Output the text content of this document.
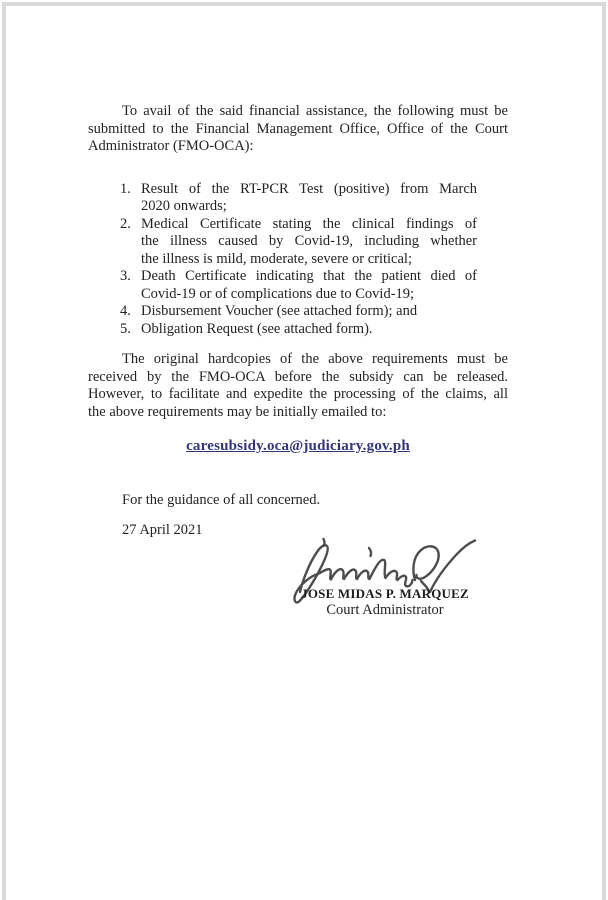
To avail of the said financial assistance, the following must be
submitted to the Financial Management Office, Office of the Court
Administrator (FMO-OCA):

1. Result of the RT-PCR Test (positive) from March
2020 onwards;
2. Medical Certificate stating the clinical findings of
the illness caused by Covid-19, including whether
the illness is mild, moderate, severe or critical;
3. Death Certificate indicating that the patient died of
Covid-19 or of complications due to Covid-19;
4. Disbursement Voucher (see attached form); and
5. Obligation Request (see attached form).

The original hardcopies of the above requirements must be
received by the FMO-OCA before the subsidy can be released.
However, to facilitate and expedite the processing of the claims, all
the above requirements may be initially emailed to:

caresubsidy.oca@judiciary.gov.ph

For the guidance of all concerned.

27 April 2021

JOSE MIDAS P. MARQUEZ
Court Administrator
